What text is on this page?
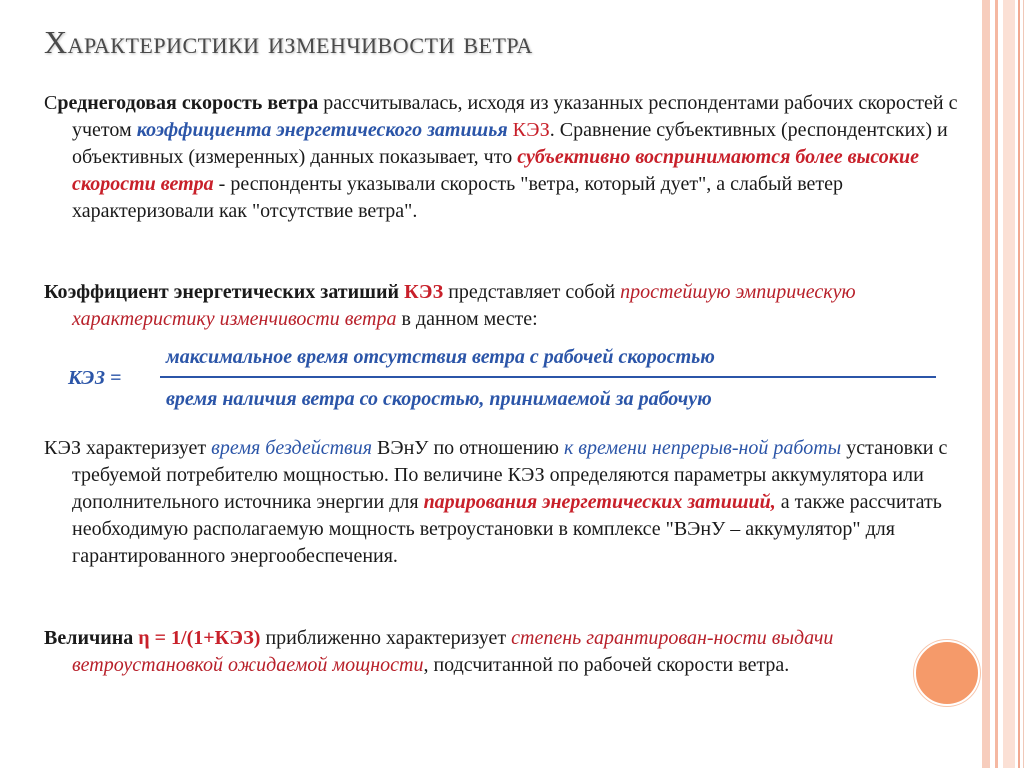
Характеристики изменчивости ветра

Среднегодовая скорость ветра рассчитывалась, исходя из указанных респондентами рабочих скоростей с учетом коэффициента энергетического затишья КЭЗ. Сравнение субъективных (респондентских) и объективных (измеренных) данных показывает, что субъективно воспринимаются более высокие скорости ветра - респонденты указывали скорость "ветра, который дует", а слабый ветер характеризовали как "отсутствие ветра".

Коэффициент энергетических затиший КЭЗ представляет собой простейшую эмпирическую характеристику изменчивости ветра в данном месте:

КЭЗ =
максимальное время отсутствия ветра с рабочей скоростью
время наличия ветра со скоростью, принимаемой за рабочую

КЭЗ характеризует время бездействия ВЭнУ по отношению к времени непрерыв-ной работы установки с требуемой потребителю мощностью. По величине КЭЗ определяются параметры аккумулятора или дополнительного источника энергии для парирования энергетических затиший, а также рассчитать необходимую располагаемую мощность ветроустановки в комплексе "ВЭнУ – аккумулятор" для гарантированного энергообеспечения.

Величина η = 1/(1+КЭЗ) приближенно характеризует степень гарантирован-ности выдачи ветроустановкой ожидаемой мощности, подсчитанной по рабочей скорости ветра.
